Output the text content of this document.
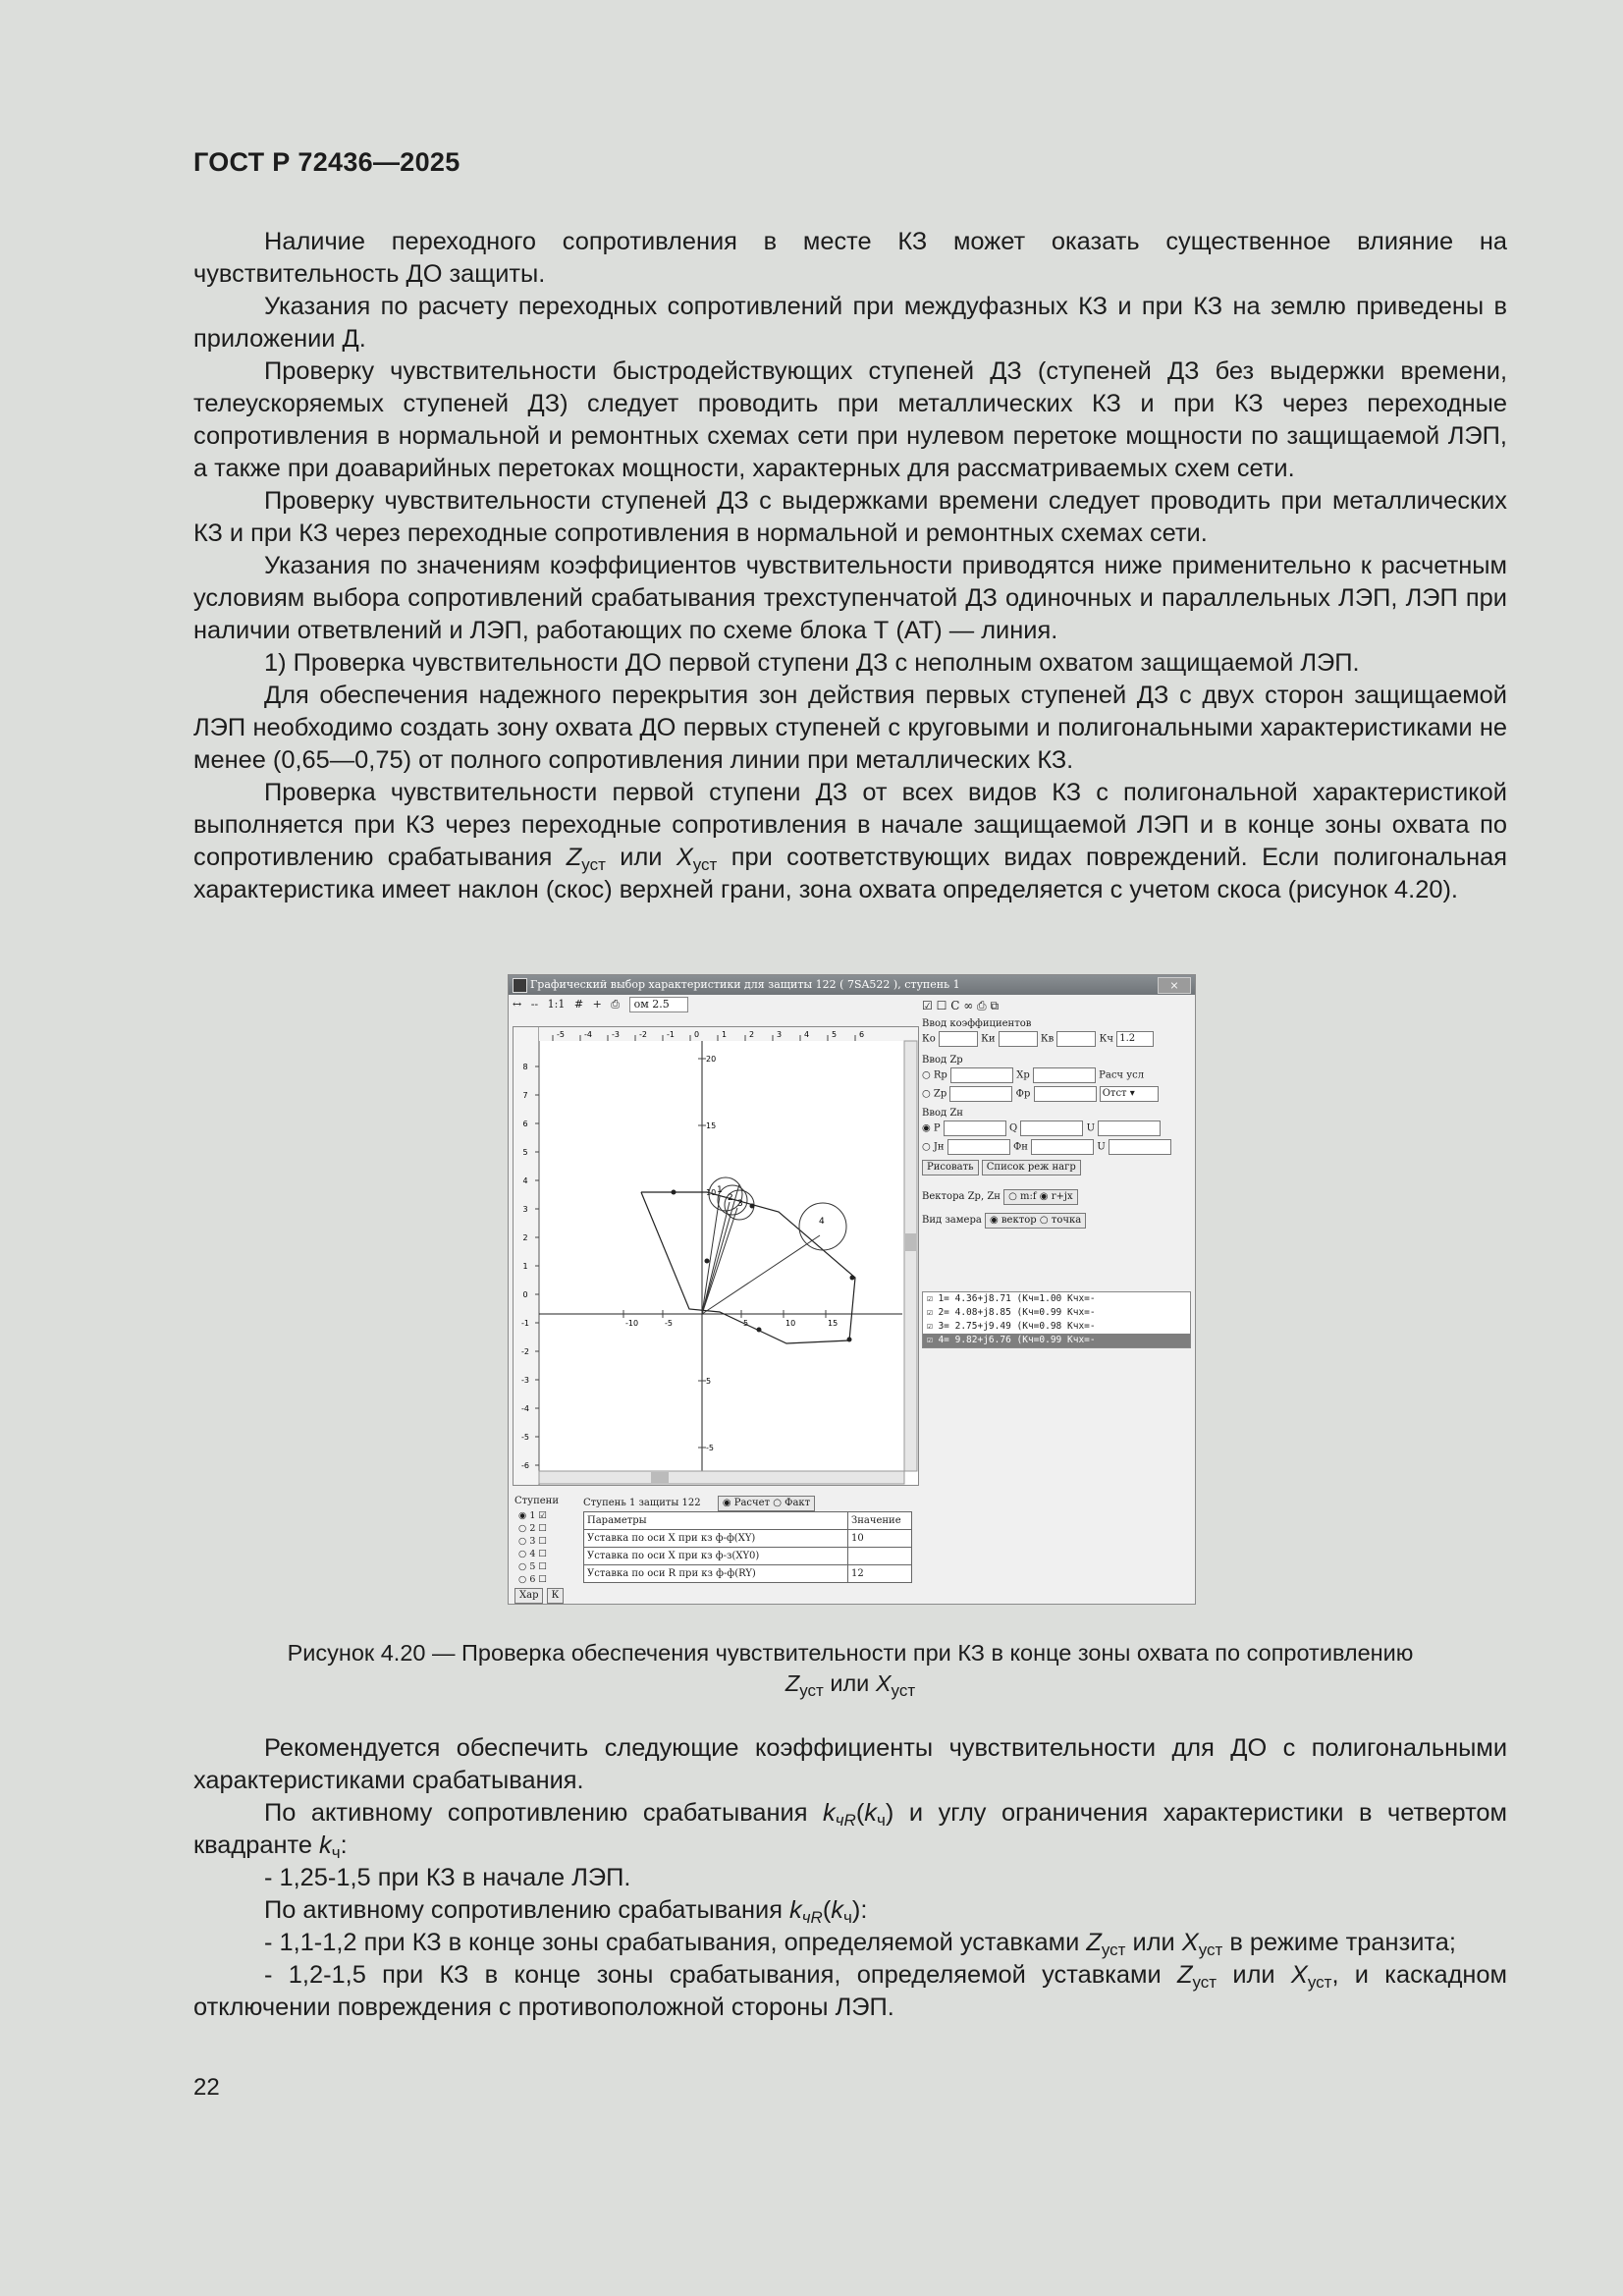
ГОСТ Р 72436—2025

Наличие переходного сопротивления в месте КЗ может оказать существенное влияние на чувствительность ДО защиты.

Указания по расчету переходных сопротивлений при междуфазных КЗ и при КЗ на землю приведены в приложении Д.

Проверку чувствительности быстродействующих ступеней ДЗ (ступеней ДЗ без выдержки времени, телеускоряемых ступеней ДЗ) следует проводить при металлических КЗ и при КЗ через переходные сопротивления в нормальной и ремонтных схемах сети при нулевом перетоке мощности по защищаемой ЛЭП, а также при доаварийных перетоках мощности, характерных для рассматриваемых схем сети.

Проверку чувствительности ступеней ДЗ с выдержками времени следует проводить при металлических КЗ и при КЗ через переходные сопротивления в нормальной и ремонтных схемах сети.

Указания по значениям коэффициентов чувствительности приводятся ниже применительно к расчетным условиям выбора сопротивлений срабатывания трехступенчатой ДЗ одиночных и параллельных ЛЭП, ЛЭП при наличии ответвлений и ЛЭП, работающих по схеме блока Т (АТ) — линия.

1) Проверка чувствительности ДО первой ступени ДЗ с неполным охватом защищаемой ЛЭП.

Для обеспечения надежного перекрытия зон действия первых ступеней ДЗ с двух сторон защищаемой ЛЭП необходимо создать зону охвата ДО первых ступеней с круговыми и полигональными характеристиками не менее (0,65—0,75) от полного сопротивления линии при металлических КЗ.

Проверка чувствительности первой ступени ДЗ от всех видов КЗ с полигональной характеристикой выполняется при КЗ через переходные сопротивления в начале защищаемой ЛЭП и в конце зоны охвата по сопротивлению срабатывания $Z_{уст}$ или $X_{уст}$ при соответствующих видах повреждений. Если полигональная характеристика имеет наклон (скос) верхней грани, зона охвата определяется с учетом скоса (рисунок 4.20).

Графический выбор характеристики для защиты 122 ( 7SA522 ), ступень 1	×
↔ -- 1:1 # + ⎙ ом 2.5
8
7
6
5
4
3
2
1
0
-1
-2
-3
-4
-5
-6
-5	-4	-3	-2	-1	0	1	2	3	4	5	6
-10	-5	5	10	15
20
15
10
5
-5
1
2
3
4
☑ ☐ C ∞ ⎙ ⧉
Ввод коэффициентов
Ко	Ки	Кв	Кч 1.2
Ввод Zp
○ Rp	Xp	Расч усл
○ Zp	Фр	Отст ▾
Ввод Zн
◉ P	Q	U
○ Jн	Фн	U
Рисовать Список реж нагр
Вектора Zp, Zн ○ m:f ◉ r+jx
Вид замера ◉ вектор ○ точка
☑ 1= 4.36+j8.71 (Кч=1.00 Кчх=-
☑ 2= 4.08+j8.85 (Кч=0.99 Кчх=-
☑ 3= 2.75+j9.49 (Кч=0.98 Кчх=-
☑ 4= 9.82+j6.76 (Кч=0.99 Кчх=-
Ступени
◉ 1 ☑
○ 2 ☐
○ 3 ☐
○ 4 ☐
○ 5 ☐
○ 6 ☐
Хар К
Ступень 1 защиты 122 ◉ Расчет ○ Факт
Параметры	Значение
Уставка по оси X при кз ф-ф(XY)	10
Уставка по оси X при кз ф-з(XY0)	
Уставка по оси R при кз ф-ф(RY)	12
Рисунок 4.20 — Проверка обеспечения чувствительности при КЗ в конце зоны охвата по сопротивлению
$Z_{уст}$ или $X_{уст}$

Рекомендуется обеспечить следующие коэффициенты чувствительности для ДО с полигональными характеристиками срабатывания.

По активному сопротивлению срабатывания $k_{чR}(k_ч)$ и углу ограничения характеристики в четвертом квадранте $k_ч$:

- 1,25-1,5 при КЗ в начале ЛЭП.

По активному сопротивлению срабатывания $k_{чR}(k_ч)$:

- 1,1-1,2 при КЗ в конце зоны срабатывания, определяемой уставками $Z_{уст}$ или $X_{уст}$ в режиме транзита;

- 1,2-1,5 при КЗ в конце зоны срабатывания, определяемой уставками $Z_{уст}$ или $X_{уст}$, и каскадном отключении повреждения с противоположной стороны ЛЭП.

22
